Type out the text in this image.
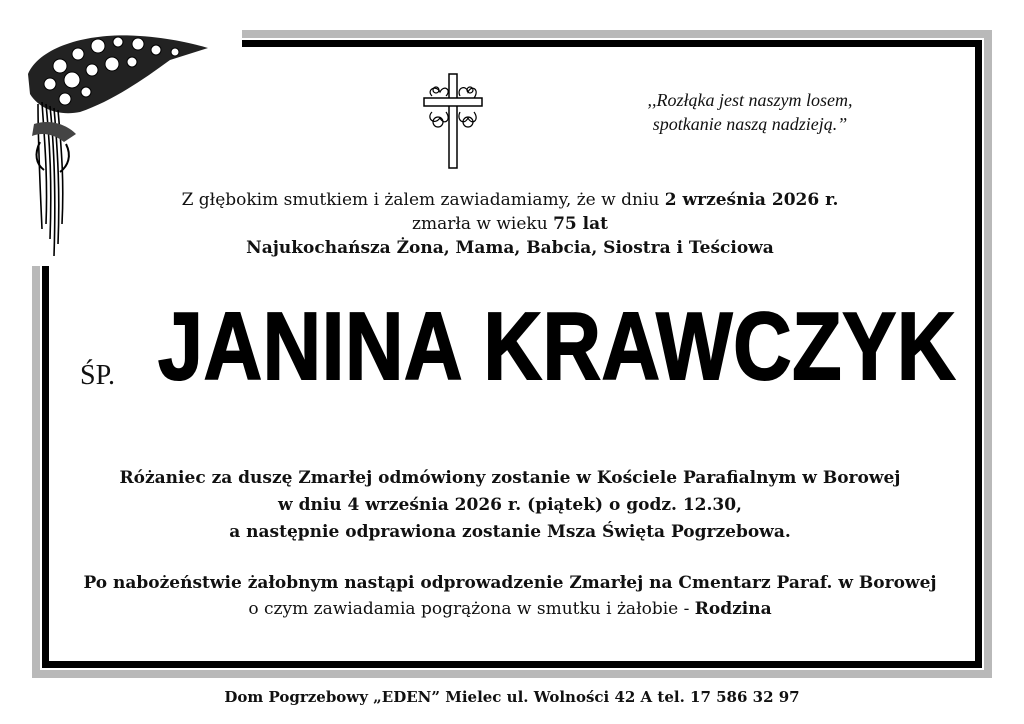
,,Rozłąka jest naszym losem,
spotkanie naszą nadzieją.”
Z głębokim smutkiem i żalem zawiadamiamy, że w dniu 2 września 2026 r.
zmarła w wieku 75 lat
Najukochańsza Żona, Mama, Babcia, Siostra i Teściowa
ŚP. JANINA KRAWCZYK
Różaniec za duszę Zmarłej odmówiony zostanie w Kościele Parafialnym w Borowej
w dniu 4 września 2026 r. (piątek) o godz. 12.30,
a następnie odprawiona zostanie Msza Święta Pogrzebowa.
Po nabożeństwie żałobnym nastąpi odprowadzenie Zmarłej na Cmentarz Paraf. w Borowej
o czym zawiadamia pogrążona w smutku i żałobie - Rodzina
Dom Pogrzebowy „EDEN” Mielec ul. Wolności 42 A tel. 17 586 32 97
